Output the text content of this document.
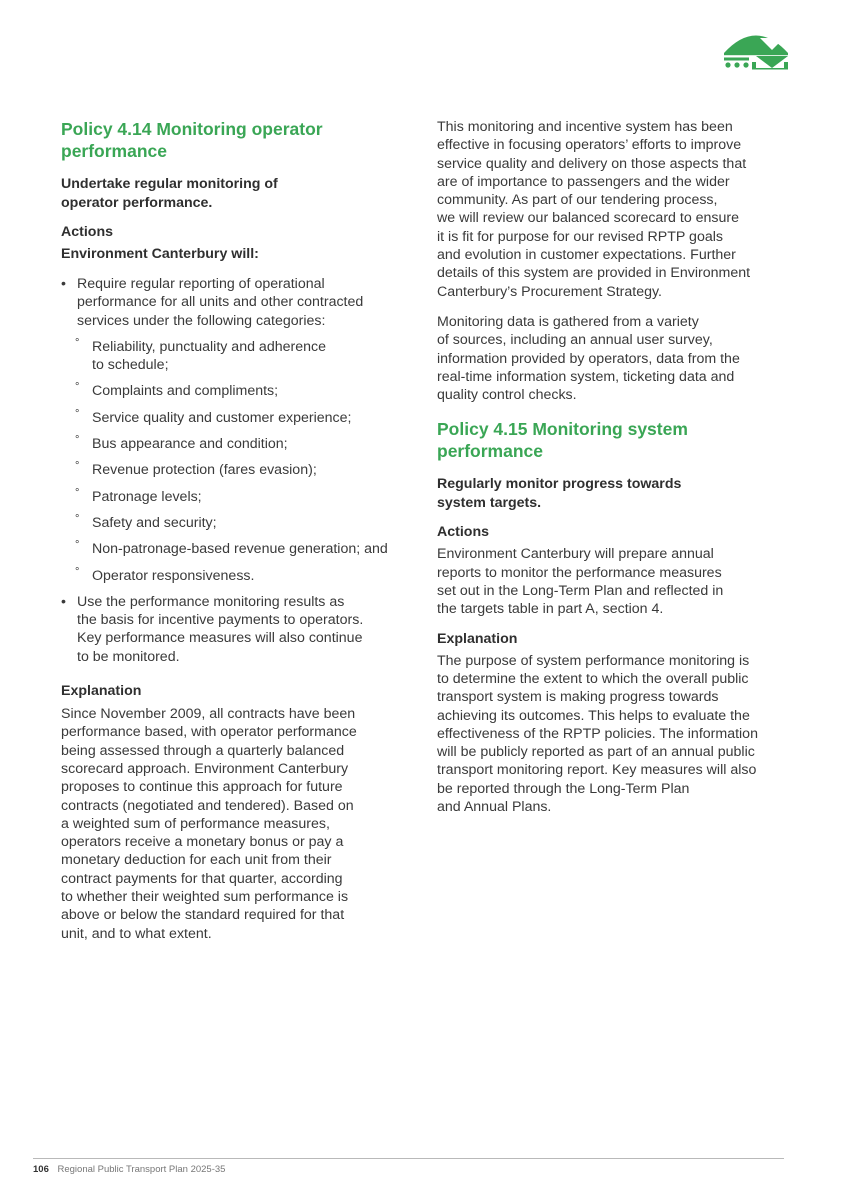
Policy 4.14 Monitoring operator
performance

Undertake regular monitoring of
operator performance.

Actions

Environment Canterbury will:

• Require regular reporting of operational
performance for all units and other contracted
services under the following categories:
° Reliability, punctuality and adherence
to schedule;
° Complaints and compliments;
° Service quality and customer experience;
° Bus appearance and condition;
° Revenue protection (fares evasion);
° Patronage levels;
° Safety and security;
° Non-patronage-based revenue generation; and
° Operator responsiveness.
• Use the performance monitoring results as
the basis for incentive payments to operators.
Key performance measures will also continue
to be monitored.

Explanation

Since November 2009, all contracts have been
performance based, with operator performance
being assessed through a quarterly balanced
scorecard approach. Environment Canterbury
proposes to continue this approach for future
contracts (negotiated and tendered). Based on
a weighted sum of performance measures,
operators receive a monetary bonus or pay a
monetary deduction for each unit from their
contract payments for that quarter, according
to whether their weighted sum performance is
above or below the standard required for that
unit, and to what extent.

This monitoring and incentive system has been
effective in focusing operators’ efforts to improve
service quality and delivery on those aspects that
are of importance to passengers and the wider
community. As part of our tendering process,
we will review our balanced scorecard to ensure
it is fit for purpose for our revised RPTP goals
and evolution in customer expectations. Further
details of this system are provided in Environment
Canterbury’s Procurement Strategy.

Monitoring data is gathered from a variety
of sources, including an annual user survey,
information provided by operators, data from the
real-time information system, ticketing data and
quality control checks.

Policy 4.15 Monitoring system
performance

Regularly monitor progress towards
system targets.

Actions

Environment Canterbury will prepare annual
reports to monitor the performance measures
set out in the Long-Term Plan and reflected in
the targets table in part A, section 4.

Explanation

The purpose of system performance monitoring is
to determine the extent to which the overall public
transport system is making progress towards
achieving its outcomes. This helps to evaluate the
effectiveness of the RPTP policies. The information
will be publicly reported as part of an annual public
transport monitoring report. Key measures will also
be reported through the Long-Term Plan
and Annual Plans.

106 Regional Public Transport Plan 2025-35
